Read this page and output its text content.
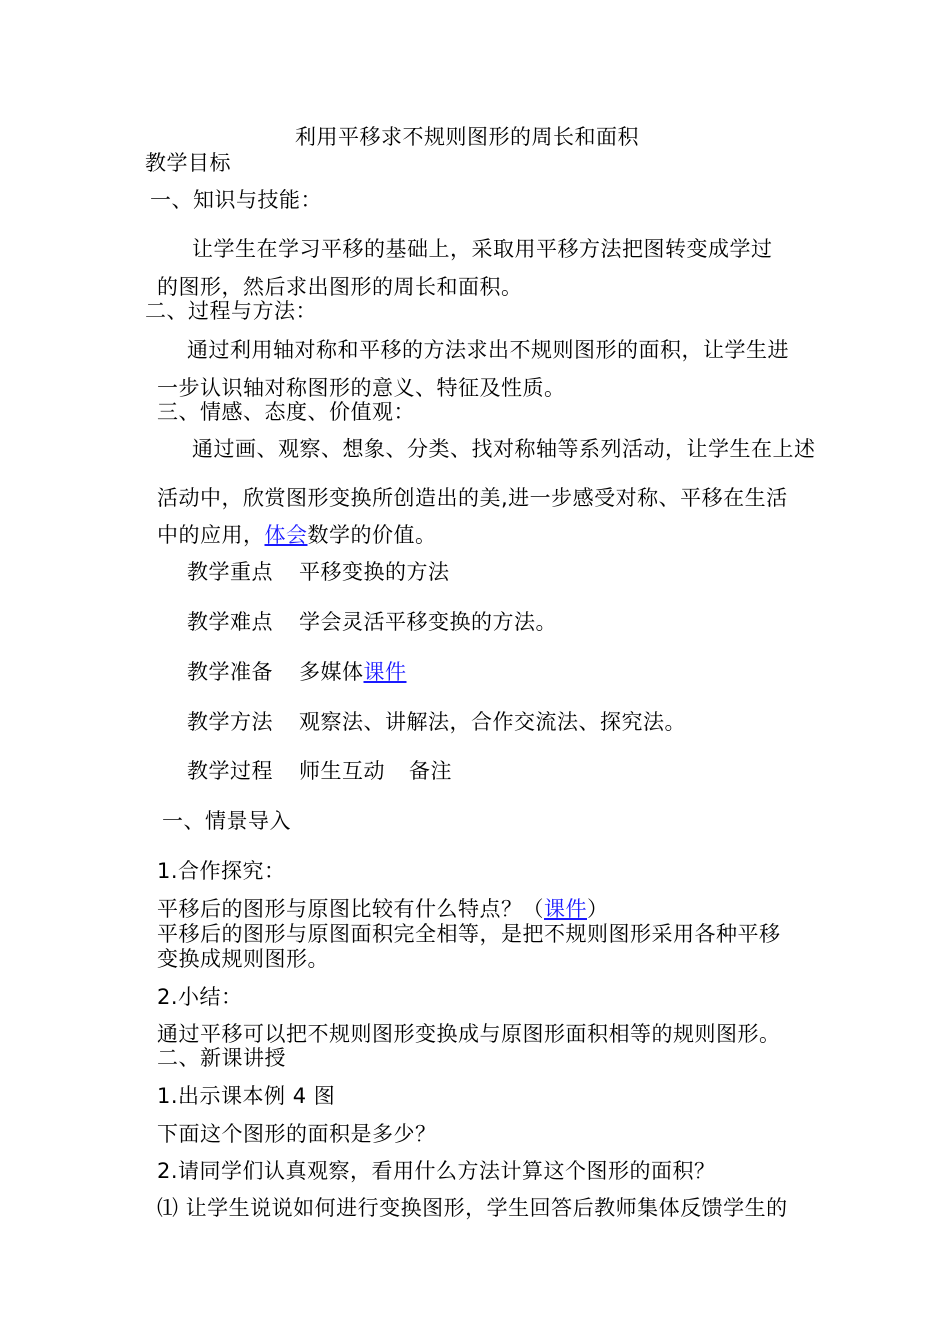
利用平移求不规则图形的周长和面积
教学目标
一、知识与技能：
让学生在学习平移的基础上，采取用平移方法把图转变成学过
的图形，然后求出图形的周长和面积。
二、过程与方法：
通过利用轴对称和平移的方法求出不规则图形的面积，让学生进
一步认识轴对称图形的意义、特征及性质。
三、情感、态度、价值观：
通过画、观察、想象、分类、找对称轴等系列活动，让学生在上述
活动中，欣赏图形变换所创造出的美,进一步感受对称、平移在生活
中的应用，体会数学的价值。
教学重点 平移变换的方法
教学难点 学会灵活平移变换的方法。
教学准备 多媒体课件
教学方法 观察法、讲解法，合作交流法、探究法。
教学过程 师生互动 备注
一、情景导入
1.合作探究：
平移后的图形与原图比较有什么特点？（课件）
平移后的图形与原图面积完全相等，是把不规则图形采用各种平移
变换成规则图形。
2.小结：
通过平移可以把不规则图形变换成与原图形面积相等的规则图形。
二、新课讲授
1.出示课本例 4 图
下面这个图形的面积是多少？
2.请同学们认真观察，看用什么方法计算这个图形的面积？
⑴ 让学生说说如何进行变换图形，学生回答后教师集体反馈学生的
